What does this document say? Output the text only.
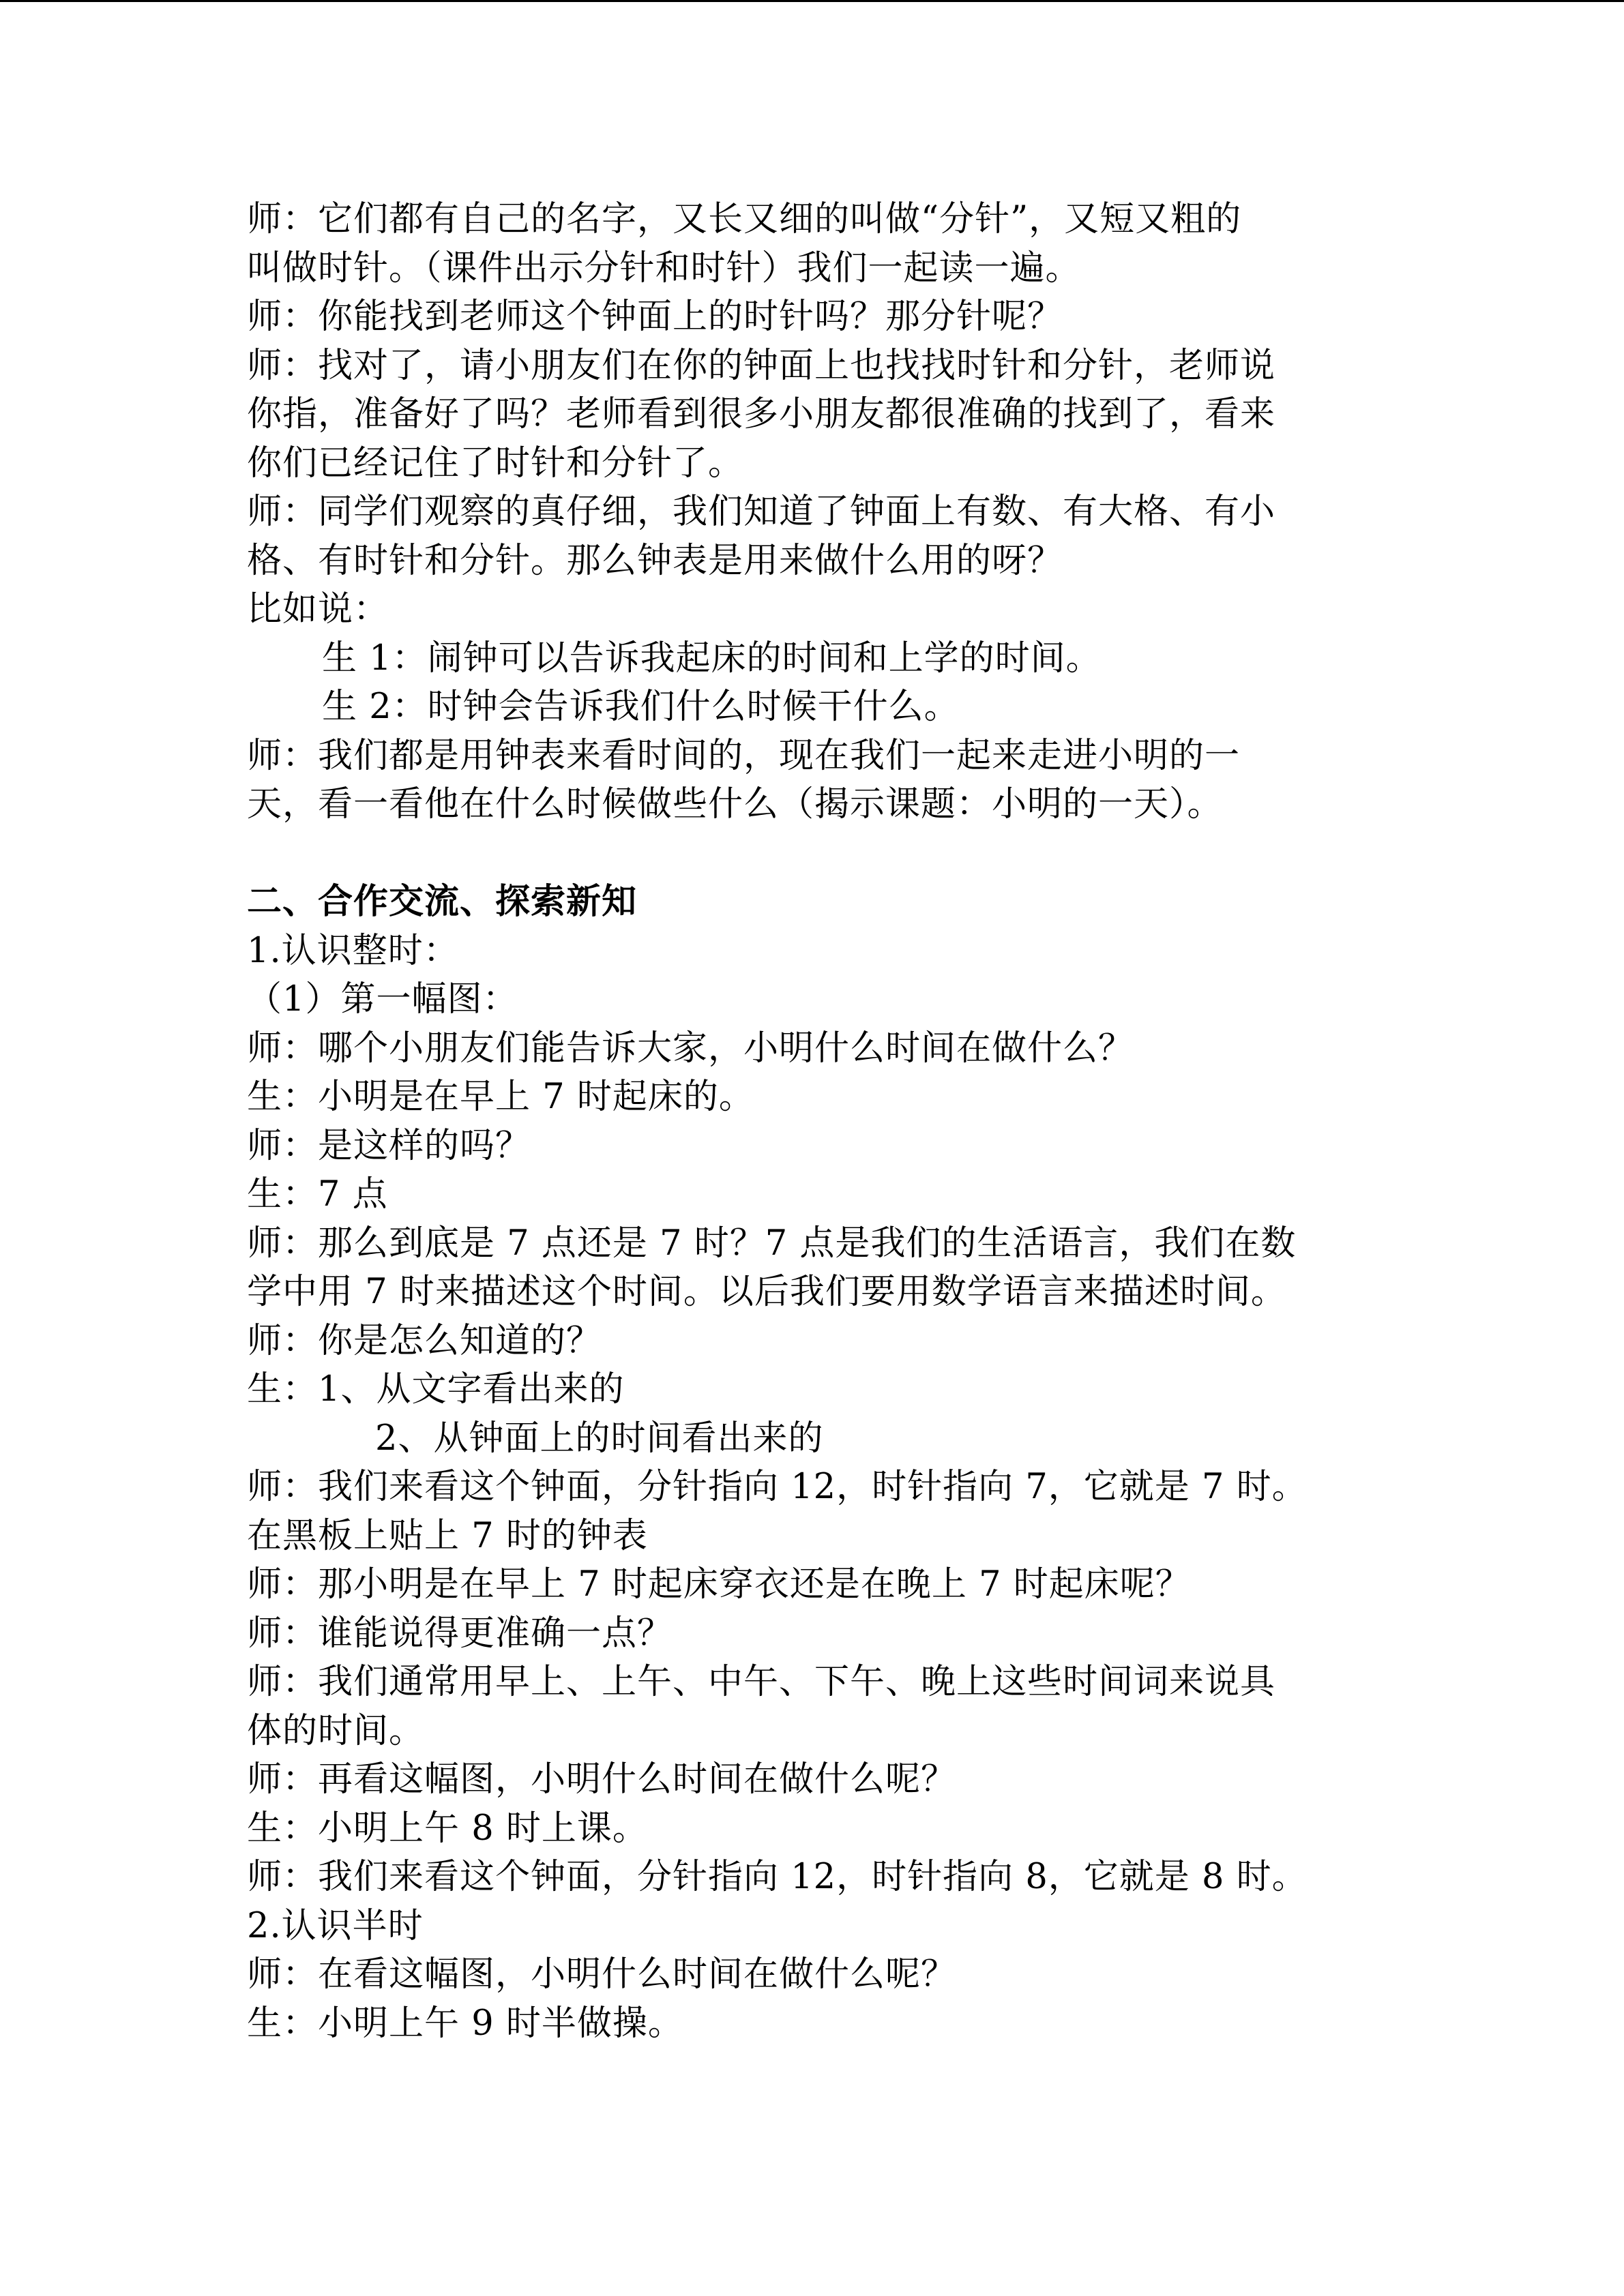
师：它们都有自己的名字，又长又细的叫做“分针”，又短又粗的
叫做时针。（课件出示分针和时针）我们一起读一遍。
师：你能找到老师这个钟面上的时针吗？那分针呢？
师：找对了，请小朋友们在你的钟面上也找找时针和分针，老师说
你指，准备好了吗？老师看到很多小朋友都很准确的找到了，看来
你们已经记住了时针和分针了。
师：同学们观察的真仔细，我们知道了钟面上有数、有大格、有小
格、有时针和分针。那么钟表是用来做什么用的呀？
比如说：
生 1：闹钟可以告诉我起床的时间和上学的时间。
生 2：时钟会告诉我们什么时候干什么。
师：我们都是用钟表来看时间的，现在我们一起来走进小明的一
天，看一看他在什么时候做些什么（揭示课题：小明的一天）。
二、合作交流、探索新知
1.认识整时：
（1）第一幅图：
师：哪个小朋友们能告诉大家，小明什么时间在做什么？
生：小明是在早上 7 时起床的。
师：是这样的吗？
生：7 点
师：那么到底是 7 点还是 7 时？7 点是我们的生活语言，我们在数
学中用 7 时来描述这个时间。以后我们要用数学语言来描述时间。
师：你是怎么知道的？
生：1、从文字看出来的
2、从钟面上的时间看出来的
师：我们来看这个钟面，分针指向 12，时针指向 7，它就是 7 时。
在黑板上贴上 7 时的钟表
师：那小明是在早上 7 时起床穿衣还是在晚上 7 时起床呢？
师：谁能说得更准确一点？
师：我们通常用早上、上午、中午、下午、晚上这些时间词来说具
体的时间。
师：再看这幅图，小明什么时间在做什么呢？
生：小明上午 8 时上课。
师：我们来看这个钟面，分针指向 12，时针指向 8，它就是 8 时。
2.认识半时
师：在看这幅图，小明什么时间在做什么呢？
生：小明上午 9 时半做操。
